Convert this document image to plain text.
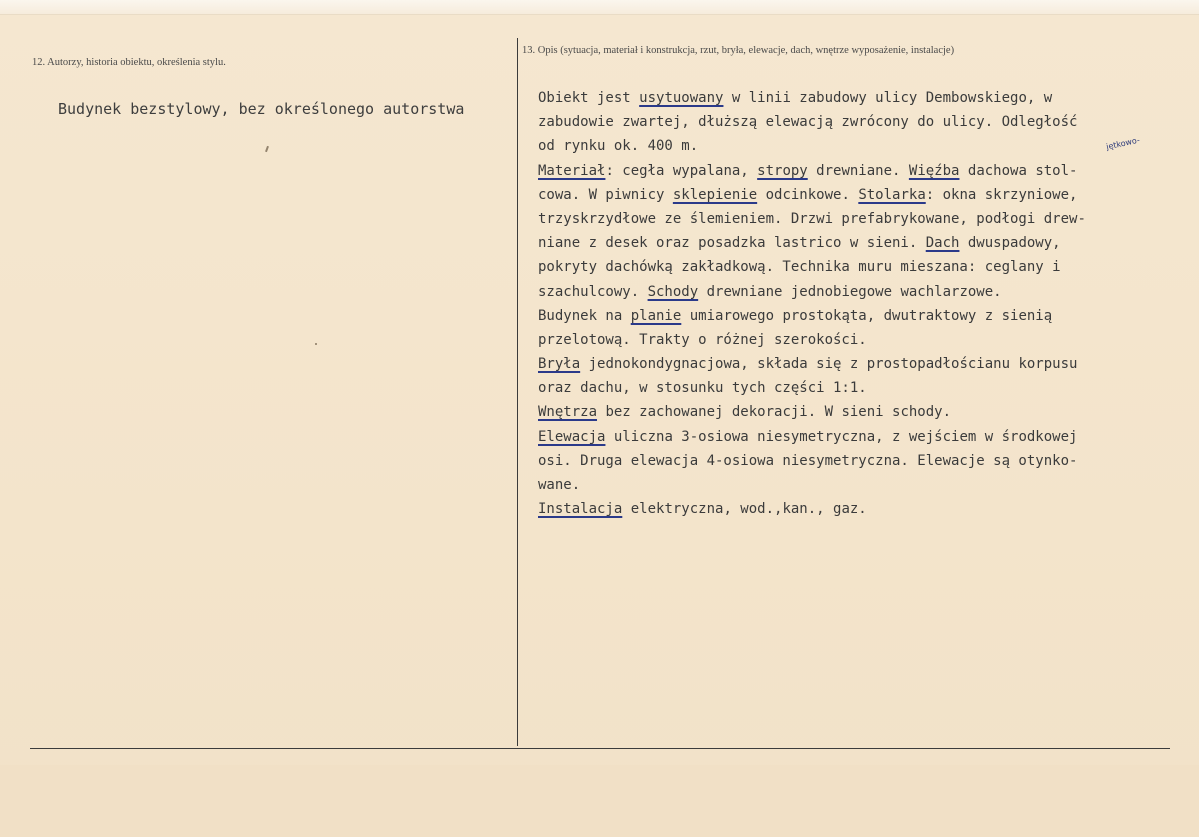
12. Autorzy, historia obiektu, określenia stylu.
13. Opis (sytuacja, materiał i konstrukcja, rzut, bryła, elewacje, dach, wnętrze wyposażenie, instalacje)
Budynek bezstylowy, bez określonego autorstwa
Obiekt jest usytuowany w linii zabudowy ulicy Dembowskiego, w
zabudowie zwartej, dłuższą elewacją zwrócony do ulicy. Odległość
od rynku ok. 400 m.
Materiał: cegła wypalana, stropy drewniane. Więźba dachowa stol-
cowa. W piwnicy sklepienie odcinkowe. Stolarka: okna skrzyniowe,
trzyskrzydłowe ze ślemieniem. Drzwi prefabrykowane, podłogi drew-
niane z desek oraz posadzka lastrico w sieni. Dach dwuspadowy,
pokryty dachówką zakładkową. Technika muru mieszana: ceglany i
szachulcowy. Schody drewniane jednobiegowe wachlarzowe.
Budynek na planie umiarowego prostokąta, dwutraktowy z sienią
przelotową. Trakty o różnej szerokości.
Bryła jednokondygnacjowa, składa się z prostopadłościanu korpusu
oraz dachu, w stosunku tych części 1:1.
Wnętrza bez zachowanej dekoracji. W sieni schody.
Elewacja uliczna 3-osiowa niesymetryczna, z wejściem w środkowej
osi. Druga elewacja 4-osiowa niesymetryczna. Elewacje są otynko-
wane.
Instalacja elektryczna, wod.,kan., gaz.
jętkowo-
